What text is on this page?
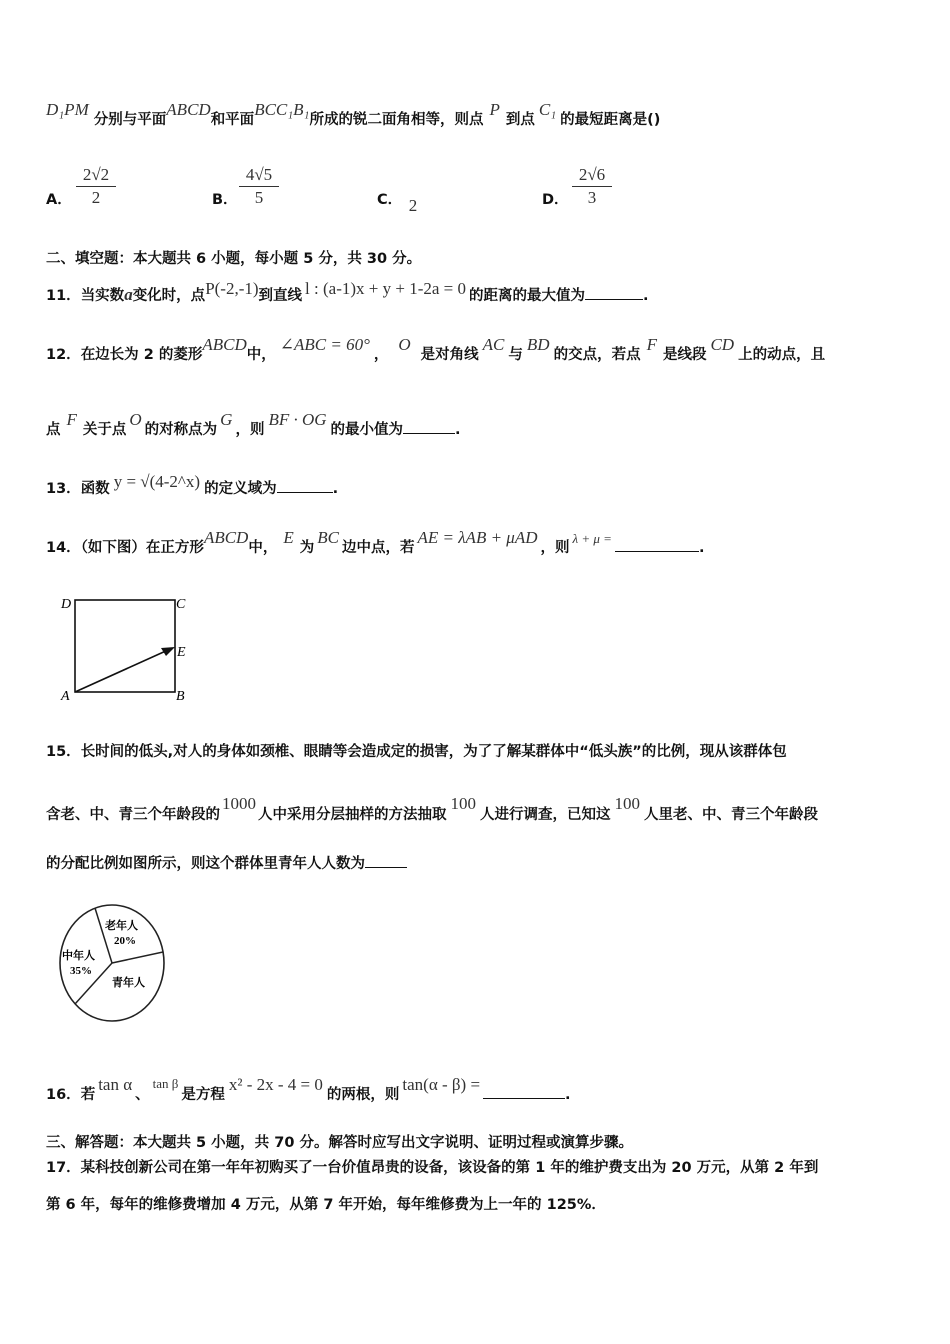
D₁PM 分别与平面ABCD和平面BCC₁B₁所成的锐二面角相等，则点P到点C₁的最短距离是()
A．
2√2
2	B．
4√5
5	C． 2	D．
2√6
3
二、填空题：本大题共 6 小题，每小题 5 分，共 30 分。
11．当实数a变化时，点P(-2,-1)到直线 l : (a-1)x + y + 1-2a = 0 的距离的最大值为	.
12．在边长为 2 的菱形ABCD中，∠ABC = 60°，O是对角线AC与BD的交点，若点F是线段CD上的动点，且
点F关于点O的对称点为G，则BF · OG的最小值为	.
13．函数 y = √(4-2^x) 的定义域为	.
14．（如下图）在正方形ABCD中，E为BC边中点，若AE = λAB + μAD，则λ + μ =.
D	C
E
A	B
15．长时间的低头,对人的身体如颈椎、眼睛等会造成定的损害，为了了解某群体中“低头族”的比例，现从该群体包
含老、中、青三个年龄段的1000人中采用分层抽样的方法抽取100人进行调查，已知这100人里老、中、青三个年龄段
的分配比例如图所示，则这个群体里青年人人数为
老年人
20%
中年人
35%
青年人
16．若tan α、tan β是方程x² - 2x - 4 = 0的两根，则tan(α - β) =.
三、解答题：本大题共 5 小题，共 70 分。解答时应写出文字说明、证明过程或演算步骤。
17．某科技创新公司在第一年年初购买了一台价值昂贵的设备，该设备的第 1 年的维护费支出为 20 万元，从第 2 年到
第 6 年，每年的维修费增加 4 万元，从第 7 年开始，每年维修费为上一年的 125%．
